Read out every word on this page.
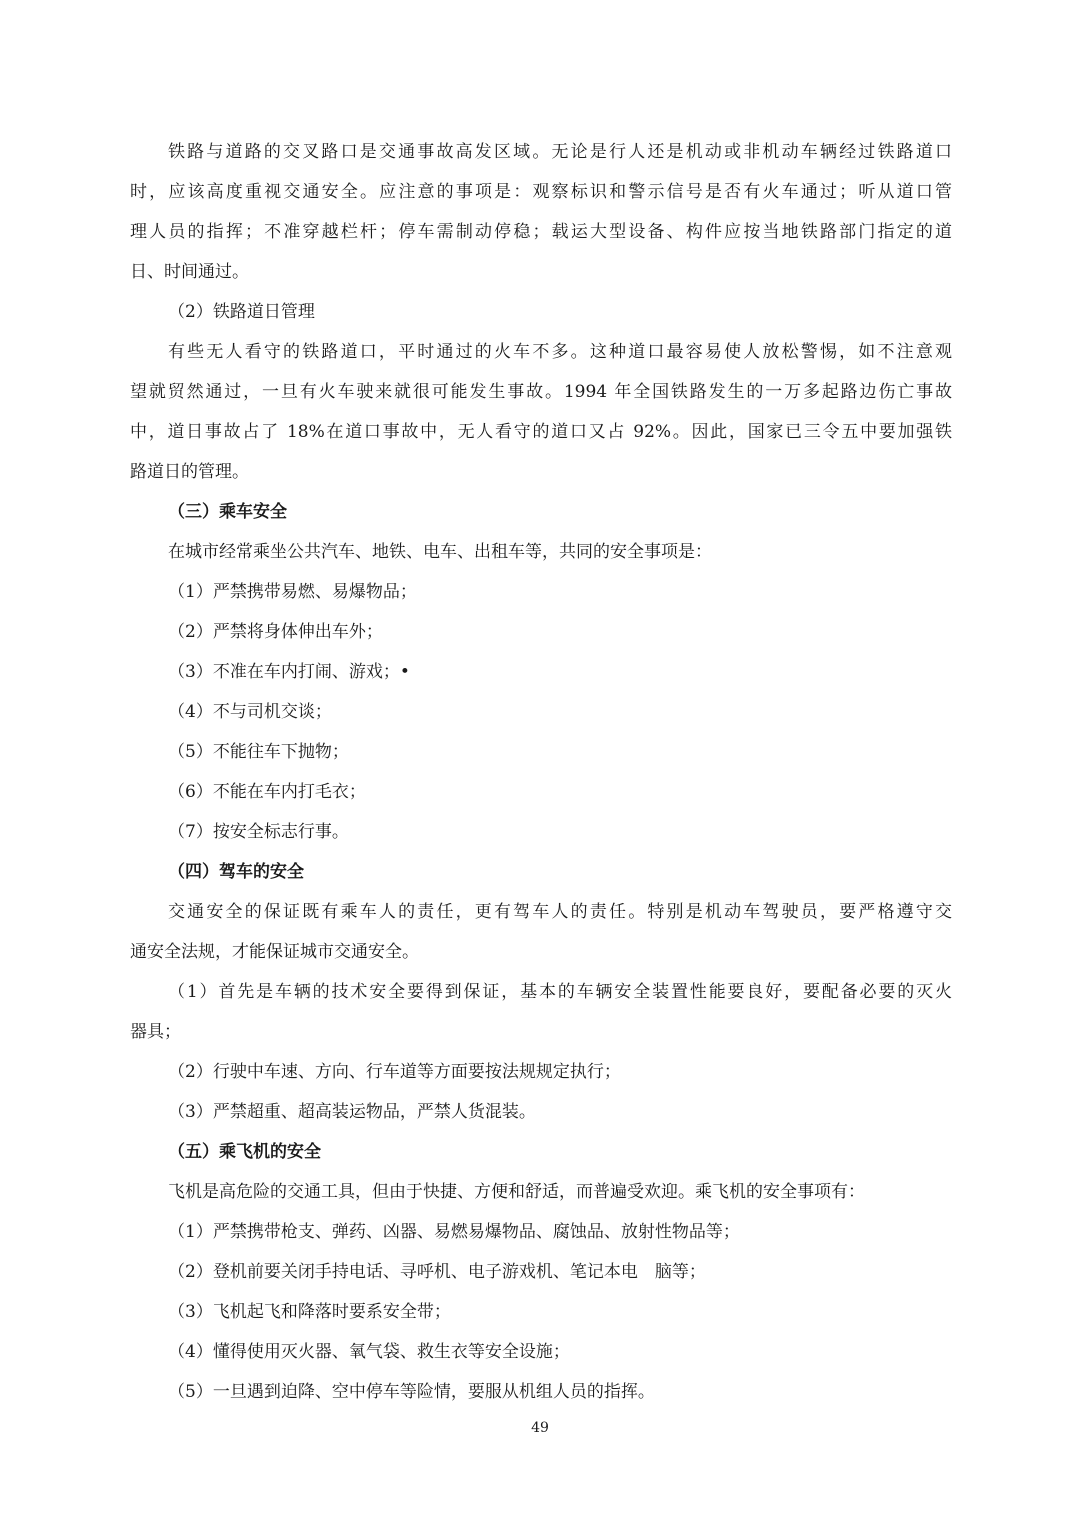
铁路与道路的交叉路口是交通事故高发区域。无论是行人还是机动或非机动车辆经过铁路道口
时，应该高度重视交通安全。应注意的事项是：观察标识和警示信号是否有火车通过；听从道口管
理人员的指挥；不准穿越栏杆；停车需制动停稳；载运大型设备、构件应按当地铁路部门指定的道
日、时间通过。
（2）铁路道日管理
有些无人看守的铁路道口，平时通过的火车不多。这种道口最容易使人放松警惕，如不注意观
望就贸然通过，一旦有火车驶来就很可能发生事故。1994 年全国铁路发生的一万多起路边伤亡事故
中，道日事故占了 18%在道口事故中，无人看守的道口又占 92%。因此，国家已三令五中要加强铁
路道日的管理。
（三）乘车安全
在城市经常乘坐公共汽车、地铁、电车、出租车等，共同的安全事项是：
（1）严禁携带易燃、易爆物品；
（2）严禁将身体伸出车外；
（3）不准在车内打闹、游戏；•
（4）不与司机交谈；
（5）不能往车下抛物；
（6）不能在车内打毛衣；
（7）按安全标志行事。
（四）驾车的安全
交通安全的保证既有乘车人的责任，更有驾车人的责任。特别是机动车驾驶员，要严格遵守交
通安全法规，才能保证城市交通安全。
（1）首先是车辆的技术安全要得到保证，基本的车辆安全装置性能要良好，要配备必要的灭火
器具；
（2）行驶中车速、方向、行车道等方面要按法规规定执行；
（3）严禁超重、超高装运物品，严禁人货混装。
（五）乘飞机的安全
飞机是高危险的交通工具，但由于快捷、方便和舒适，而普遍受欢迎。乘飞机的安全事项有：
（1）严禁携带枪支、弹药、凶器、易燃易爆物品、腐蚀品、放射性物品等；
（2）登机前要关闭手持电话、寻呼机、电子游戏机、笔记本电　脑等；
（3）飞机起飞和降落时要系安全带；
（4）懂得使用灭火器、氧气袋、救生衣等安全设施；
（5）一旦遇到迫降、空中停车等险情，要服从机组人员的指挥。
49
